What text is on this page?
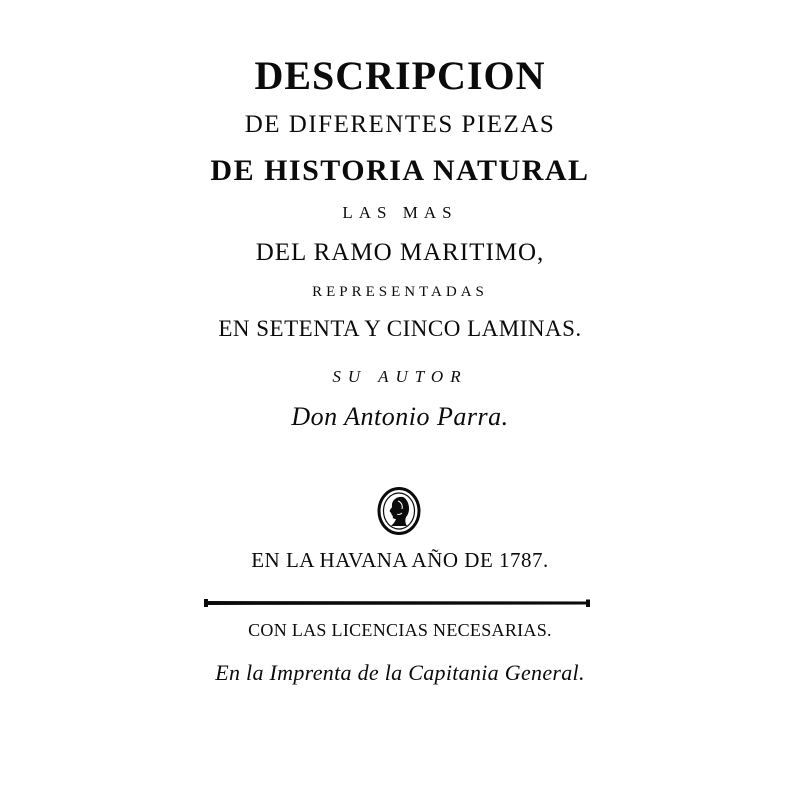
DESCRIPCION
DE DIFERENTES PIEZAS
DE HISTORIA NATURAL
LAS MAS
DEL RAMO MARITIMO,
REPRESENTADAS
EN SETENTA Y CINCO LAMINAS.
SU AUTOR
Don Antonio Parra.
EN LA HAVANA AÑO DE 1787.
CON LAS LICENCIAS NECESARIAS.
En la Imprenta de la Capitania General.
